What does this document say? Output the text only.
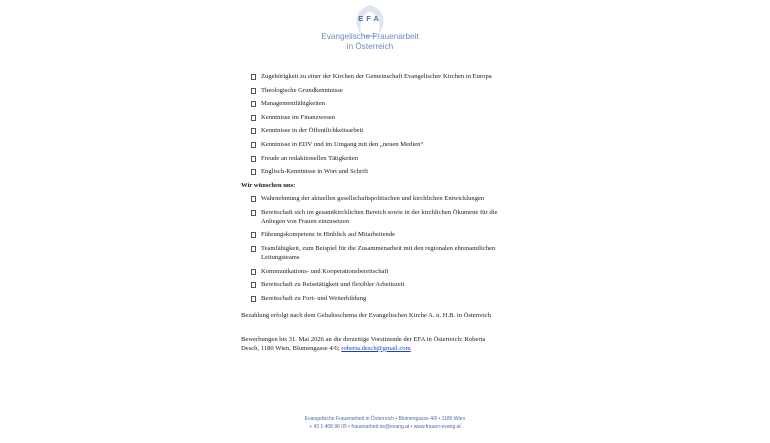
EFA
Evangelische Frauenarbeit
in Österreich
Zugehörigkeit zu einer der Kirchen der Gemeinschaft Evangelischer Kirchen in Europa
Theologische Grundkenntnisse
Managementfähigkeiten
Kenntnisse im Finanzwesen
Kenntnisse in der Öffentlichkeitsarbeit
Kenntnisse in EDV und im Umgang mit den „neuen Medien“
Freude an redaktionellen Tätigkeiten
Englisch-Kenntnisse in Wort und Schrift
Wir wünschen uns:
Wahrnehmung der aktuellen gesellschaftspolitischen und kirchlichen Entwicklungen
Bereitschaft sich im gesamtkirchlichen Bereich sowie in der kirchlichen Ökumene für die Anliegen von Frauen einzusetzen
Führungskompetenz in Hinblick auf Mitarbeitende
Teamfähigkeit, zum Beispiel für die Zusammenarbeit mit den regionalen ehrenamtlichen Leitungsteams
Kommunikations- und Kooperationsbereitschaft
Bereitschaft zu Reisetätigkeit und flexibler Arbeitszeit
Bereitschaft zu Fort- und Weiterbildung
Bezahlung erfolgt nach dem Gehaltsschema der Evangelischen Kirche A. u. H.B. in Österreich
Bewerbungen bis 31. Mai 2026 an die derzeitige Vorsitzende der EFA in Österreich: Roberta Desch, 1180 Wien, Blumengasse 4/6; roberta.desch@gmail.com
Evangelische Frauenarbeit in Österreich • Blumengasse 4/6 • 1180 Wien
+ 43 1 408 96 05 • frauenarbeit.oe@evang.at • www.frauen-evang.at
